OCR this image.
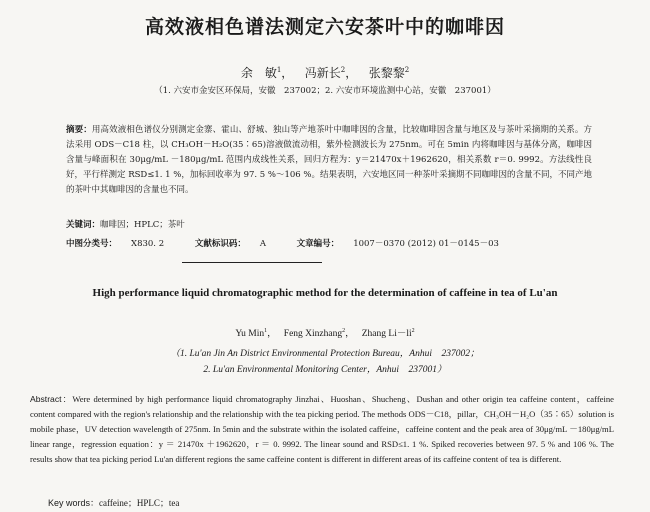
高效液相色谱法测定六安茶叶中的咖啡因
余　敏$^1$，   冯新长$^2$，   张黎黎$^2$
（1. 六安市金安区环保局，安徽　237002；2. 六安市环境监测中心站，安徽　237001）
摘要：用高效液相色谱仪分别测定金寨、霍山、舒城、独山等产地茶叶中咖啡因的含量，比较咖啡因含量与地区及与茶叶采摘期的关系。方法采用 ODS－C18 柱，以 CH₃OH－H₂O(35∶65)溶液做流动相，紫外检测波长为 275nm。可在 5min 内将咖啡因与基体分离，咖啡因含量与峰面积在 30μg/mL －180μg/mL 范围内成线性关系，回归方程为：y＝21470x＋1962620，相关系数 r＝0. 9992。方法线性良好，平行样测定 RSD≤1. 1 %，加标回收率为 97. 5 %～106 %。结果表明，六安地区同一种茶叶采摘期不同咖啡因的含量不同，不同产地的茶叶中其咖啡因的含量也不同。
关键词：咖啡因；HPLC；茶叶
中图分类号： X830. 2	文献标识码： A	文章编号： 1007－0370 (2012) 01－0145－03
High performance liquid chromatographic method for the determination of caffeine in tea of Lu'an
Yu Min$^1$，   Feng Xinzhang$^2$，   Zhang $Li-li^2$
（1. Lu'an Jin An District Environmental Protection Bureau，Anhui　237002；
2. Lu'an Environmental Monitoring Center，Anhui　237001）
Abstract：Were determined by high performance liquid chromatography Jinzhai、Huoshan、Shucheng、Dushan and other origin tea caffeine content，caffeine content compared with the region's relationship and the relationship with the tea picking period. The methods ODS－C18，pillar，CH₃OH－H₂O（35∶65）solution is mobile phase，UV detection wavelength of 275nm. In 5min and the substrate within the isolated caffeine，caffeine content and the peak area of 30μg/mL －180μg/mL linear range，regression equation：y ＝ 21470x ＋1962620，r ＝ 0. 9992. The linear sound and RSD≤1. 1 %. Spiked recoveries between 97. 5 % and 106 %. The results show that tea picking period Lu'an different regions the same caffeine content is different in different areas of its caffeine content of tea is different.
Key words：caffeine；HPLC；tea
